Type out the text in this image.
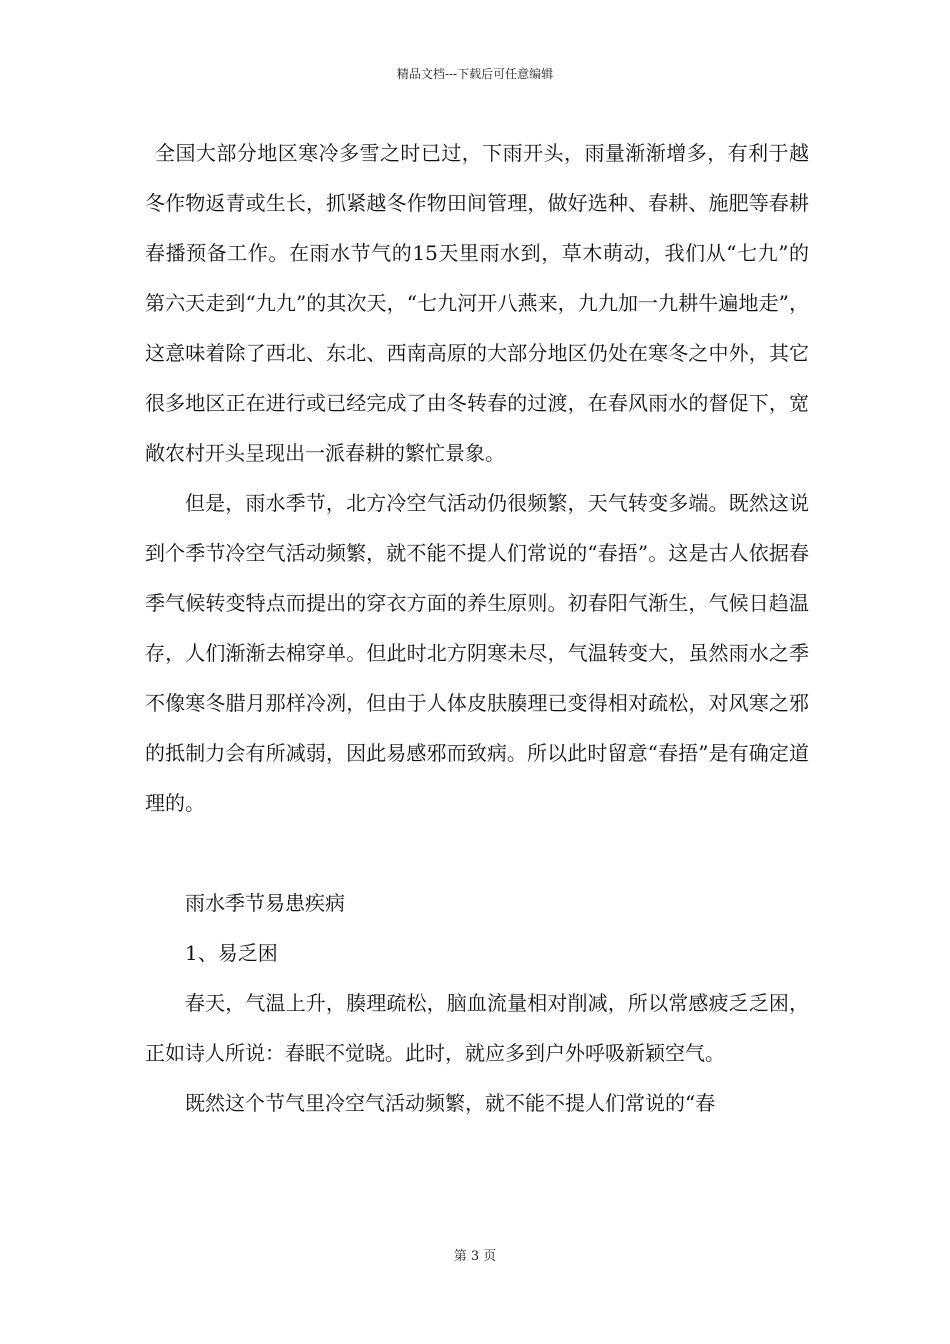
精品文档---下载后可任意编辑

全国大部分地区寒冷多雪之时已过，下雨开头，雨量渐渐增多，有利于越冬作物返青或生长，抓紧越冬作物田间管理，做好选种、春耕、施肥等春耕春播预备工作。在雨水节气的15天里雨水到，草木萌动，我们从“七九”的第六天走到“九九”的其次天，“七九河开八燕来，九九加一九耕牛遍地走”，这意味着除了西北、东北、西南高原的大部分地区仍处在寒冬之中外，其它很多地区正在进行或已经完成了由冬转春的过渡，在春风雨水的督促下，宽敞农村开头呈现出一派春耕的繁忙景象。

但是，雨水季节，北方冷空气活动仍很频繁，天气转变多端。既然这说到个季节冷空气活动频繁，就不能不提人们常说的“春捂”。这是古人依据春季气候转变特点而提出的穿衣方面的养生原则。初春阳气渐生，气候日趋温存，人们渐渐去棉穿单。但此时北方阴寒未尽，气温转变大，虽然雨水之季不像寒冬腊月那样冷冽，但由于人体皮肤腠理已变得相对疏松，对风寒之邪的抵制力会有所减弱，因此易感邪而致病。所以此时留意“春捂”是有确定道理的。

雨水季节易患疾病

1、易乏困

春天，气温上升，腠理疏松，脑血流量相对削减，所以常感疲乏乏困，正如诗人所说：春眠不觉晓。此时，就应多到户外呼吸新颖空气。

既然这个节气里冷空气活动频繁，就不能不提人们常说的“春

第 3 页
